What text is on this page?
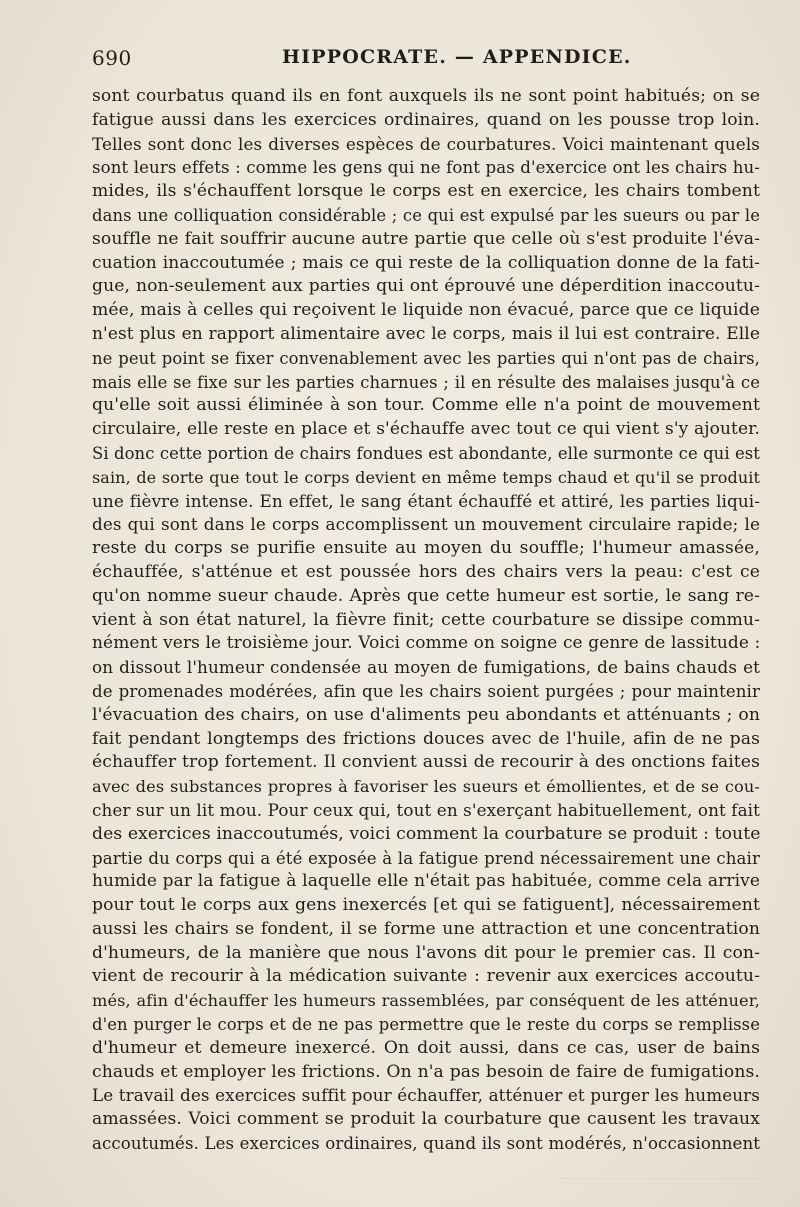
690	HIPPOCRATE. — APPENDICE.
sont courbatus quand ils en font auxquels ils ne sont point habitués; on se
fatigue aussi dans les exercices ordinaires, quand on les pousse trop loin.
Telles sont donc les diverses espèces de courbatures. Voici maintenant quels
sont leurs effets : comme les gens qui ne font pas d'exercice ont les chairs hu-
mides, ils s'échauffent lorsque le corps est en exercice, les chairs tombent
dans une colliquation considérable ; ce qui est expulsé par les sueurs ou par le
souffle ne fait souffrir aucune autre partie que celle où s'est produite l'éva-
cuation inaccoutumée ; mais ce qui reste de la colliquation donne de la fati-
gue, non-seulement aux parties qui ont éprouvé une déperdition inaccoutu-
mée, mais à celles qui reçoivent le liquide non évacué, parce que ce liquide
n'est plus en rapport alimentaire avec le corps, mais il lui est contraire. Elle
ne peut point se fixer convenablement avec les parties qui n'ont pas de chairs,
mais elle se fixe sur les parties charnues ; il en résulte des malaises jusqu'à ce
qu'elle soit aussi éliminée à son tour. Comme elle n'a point de mouvement
circulaire, elle reste en place et s'échauffe avec tout ce qui vient s'y ajouter.
Si donc cette portion de chairs fondues est abondante, elle surmonte ce qui est
sain, de sorte que tout le corps devient en même temps chaud et qu'il se produit
une fièvre intense. En effet, le sang étant échauffé et attiré, les parties liqui-
des qui sont dans le corps accomplissent un mouvement circulaire rapide; le
reste du corps se purifie ensuite au moyen du souffle; l'humeur amassée,
échauffée, s'atténue et est poussée hors des chairs vers la peau: c'est ce
qu'on nomme sueur chaude. Après que cette humeur est sortie, le sang re-
vient à son état naturel, la fièvre finit; cette courbature se dissipe commu-
nément vers le troisième jour. Voici comme on soigne ce genre de lassitude :
on dissout l'humeur condensée au moyen de fumigations, de bains chauds et
de promenades modérées, afin que les chairs soient purgées ; pour maintenir
l'évacuation des chairs, on use d'aliments peu abondants et atténuants ; on
fait pendant longtemps des frictions douces avec de l'huile, afin de ne pas
échauffer trop fortement. Il convient aussi de recourir à des onctions faites
avec des substances propres à favoriser les sueurs et émollientes, et de se cou-
cher sur un lit mou. Pour ceux qui, tout en s'exerçant habituellement, ont fait
des exercices inaccoutumés, voici comment la courbature se produit : toute
partie du corps qui a été exposée à la fatigue prend nécessairement une chair
humide par la fatigue à laquelle elle n'était pas habituée, comme cela arrive
pour tout le corps aux gens inexercés [et qui se fatiguent], nécessairement
aussi les chairs se fondent, il se forme une attraction et une concentration
d'humeurs, de la manière que nous l'avons dit pour le premier cas. Il con-
vient de recourir à la médication suivante : revenir aux exercices accoutu-
més, afin d'échauffer les humeurs rassemblées, par conséquent de les atténuer,
d'en purger le corps et de ne pas permettre que le reste du corps se remplisse
d'humeur et demeure inexercé. On doit aussi, dans ce cas, user de bains
chauds et employer les frictions. On n'a pas besoin de faire de fumigations.
Le travail des exercices suffit pour échauffer, atténuer et purger les humeurs
amassées. Voici comment se produit la courbature que causent les travaux
accoutumés. Les exercices ordinaires, quand ils sont modérés, n'occasionnent
